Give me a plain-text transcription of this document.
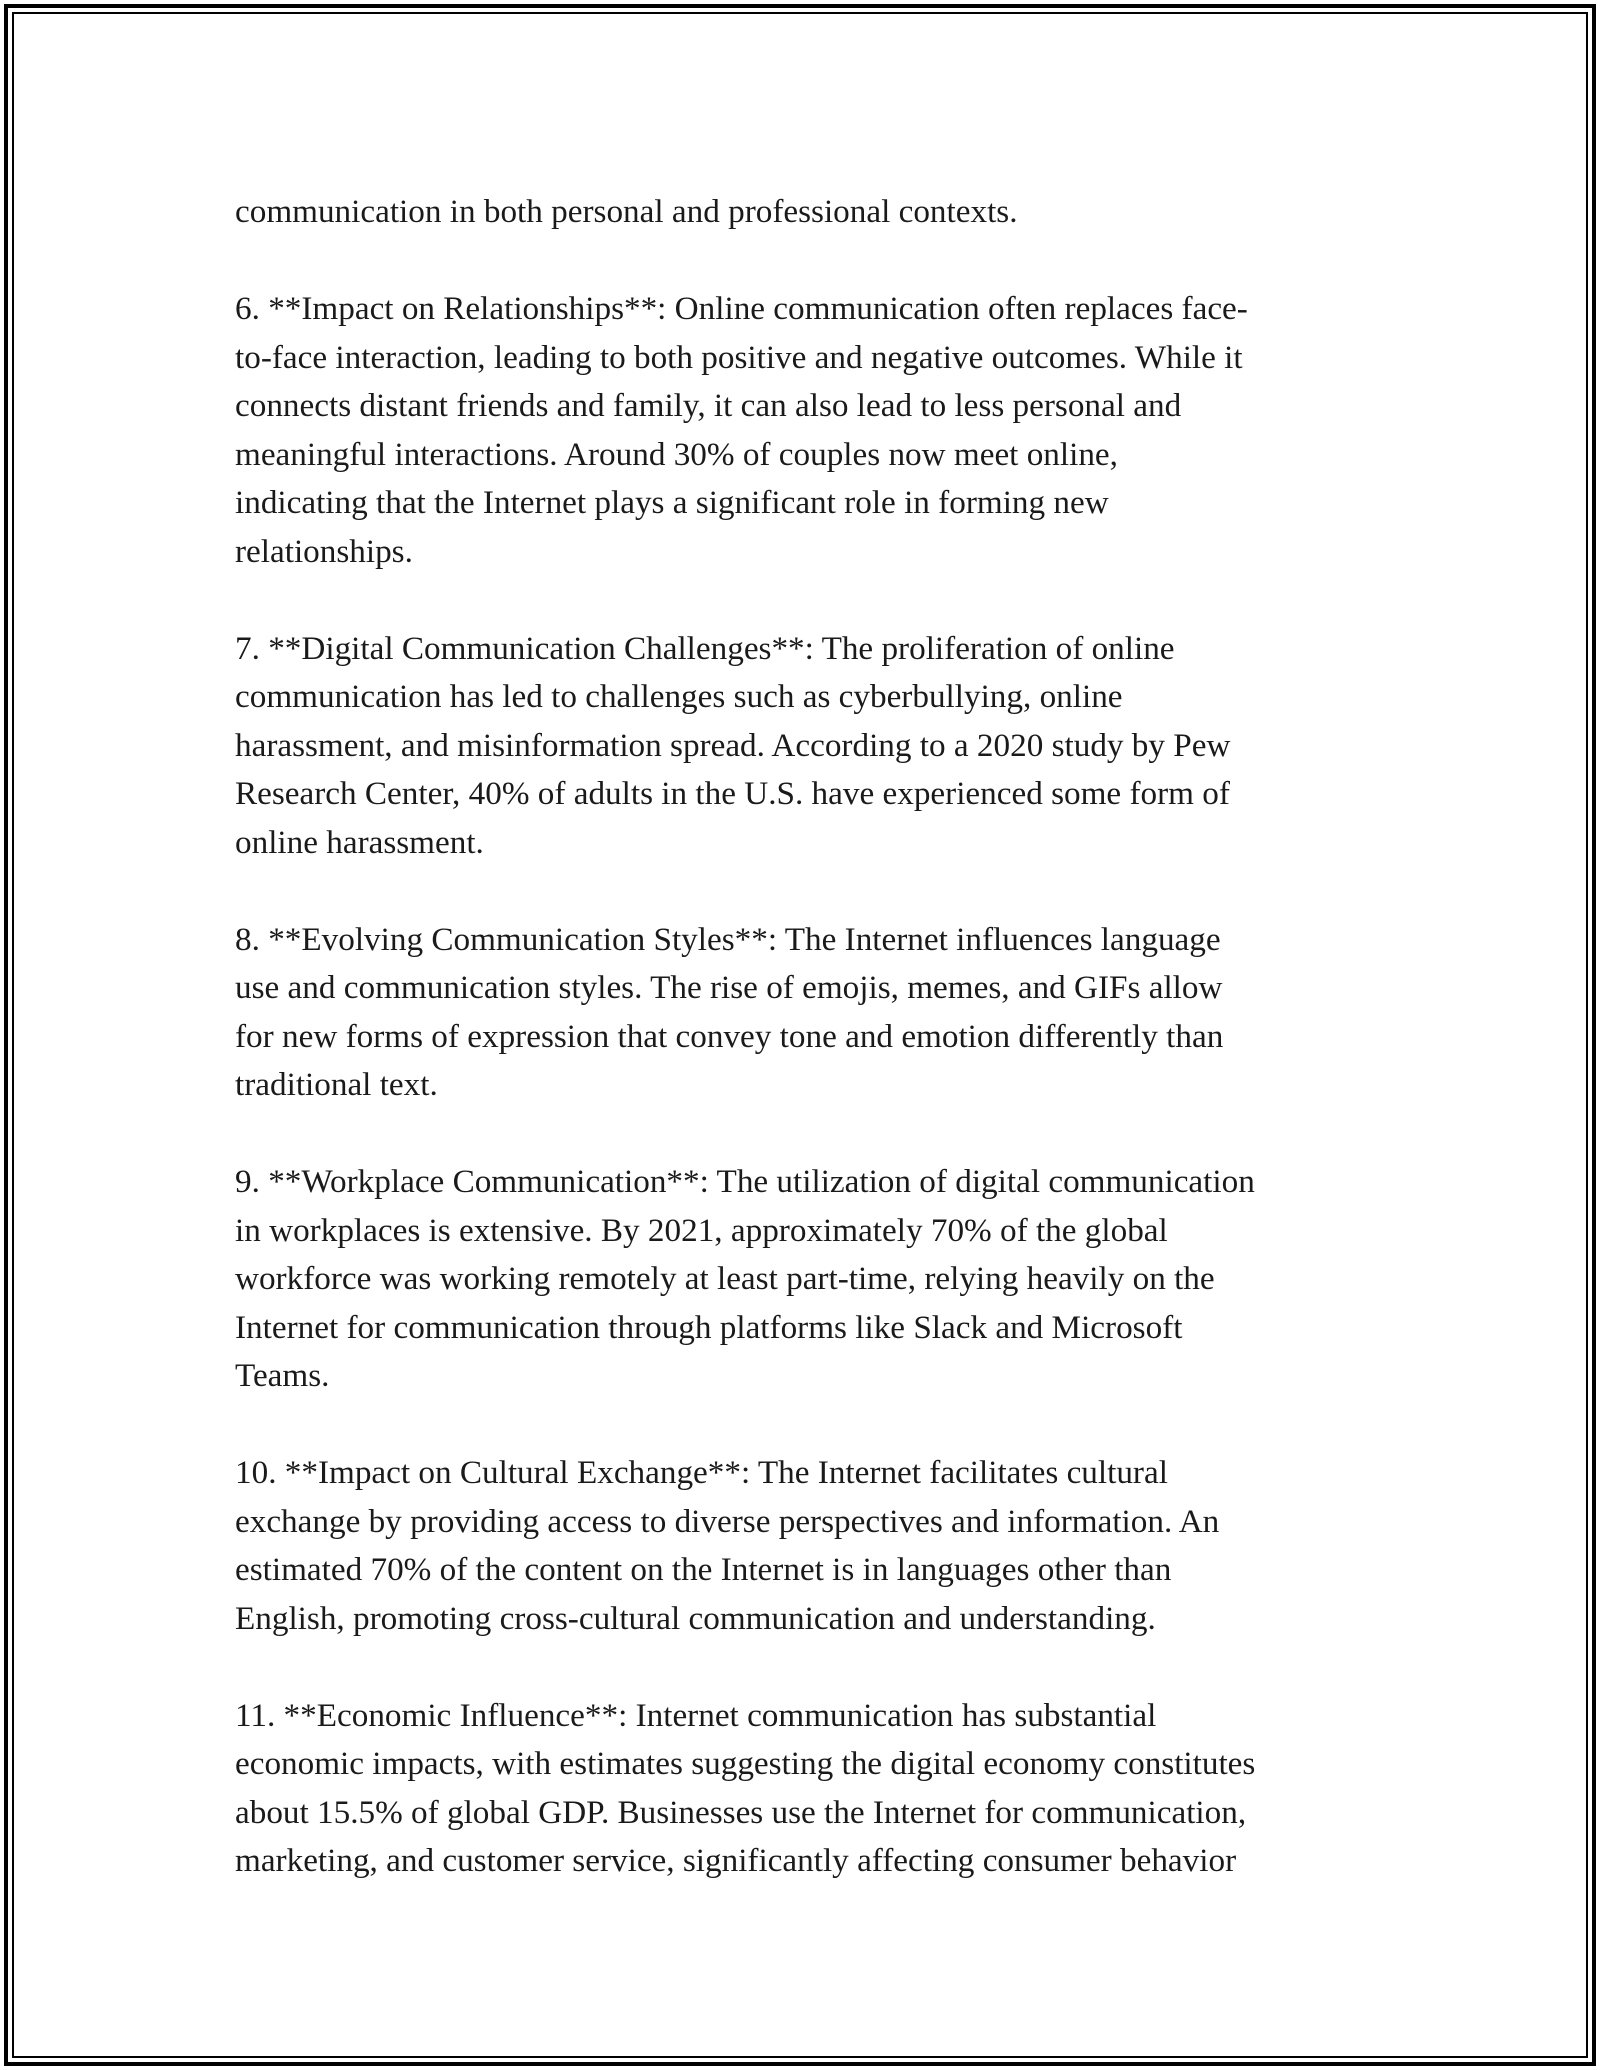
communication in both personal and professional contexts.
6. **Impact on Relationships**: Online communication often replaces face-
to-face interaction, leading to both positive and negative outcomes. While it
connects distant friends and family, it can also lead to less personal and
meaningful interactions. Around 30% of couples now meet online,
indicating that the Internet plays a significant role in forming new
relationships.
7. **Digital Communication Challenges**: The proliferation of online
communication has led to challenges such as cyberbullying, online
harassment, and misinformation spread. According to a 2020 study by Pew
Research Center, 40% of adults in the U.S. have experienced some form of
online harassment.
8. **Evolving Communication Styles**: The Internet influences language
use and communication styles. The rise of emojis, memes, and GIFs allow
for new forms of expression that convey tone and emotion differently than
traditional text.
9. **Workplace Communication**: The utilization of digital communication
in workplaces is extensive. By 2021, approximately 70% of the global
workforce was working remotely at least part-time, relying heavily on the
Internet for communication through platforms like Slack and Microsoft
Teams.
10. **Impact on Cultural Exchange**: The Internet facilitates cultural
exchange by providing access to diverse perspectives and information. An
estimated 70% of the content on the Internet is in languages other than
English, promoting cross-cultural communication and understanding.
11. **Economic Influence**: Internet communication has substantial
economic impacts, with estimates suggesting the digital economy constitutes
about 15.5% of global GDP. Businesses use the Internet for communication,
marketing, and customer service, significantly affecting consumer behavior
